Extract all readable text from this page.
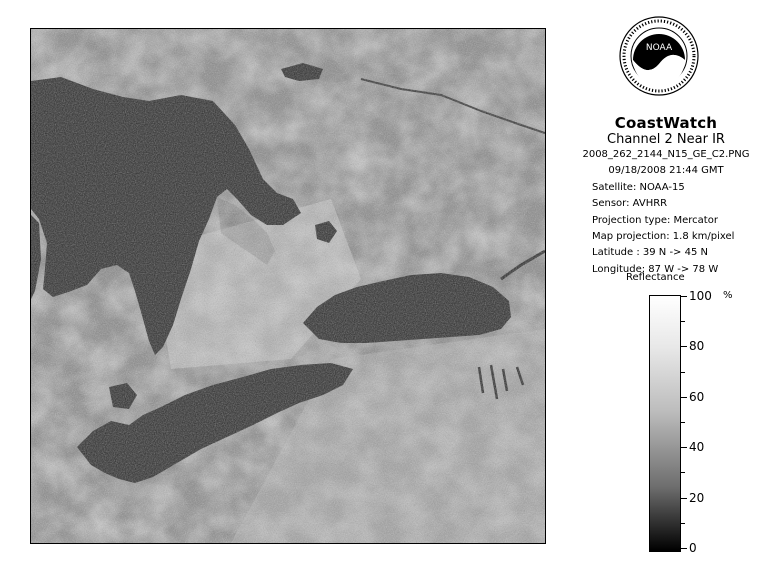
NOAA
CoastWatch
Channel 2 Near IR
2008_262_2144_N15_GE_C2.PNG
09/18/2008 21:44 GMT
Satellite: NOAA-15
Sensor: AVHRR
Projection type: Mercator
Map projection: 1.8 km/pixel
Latitude : 39 N -> 45 N
Longitude: 87 W -> 78 W
Reflectance
%
100
80
60
40
20
0
